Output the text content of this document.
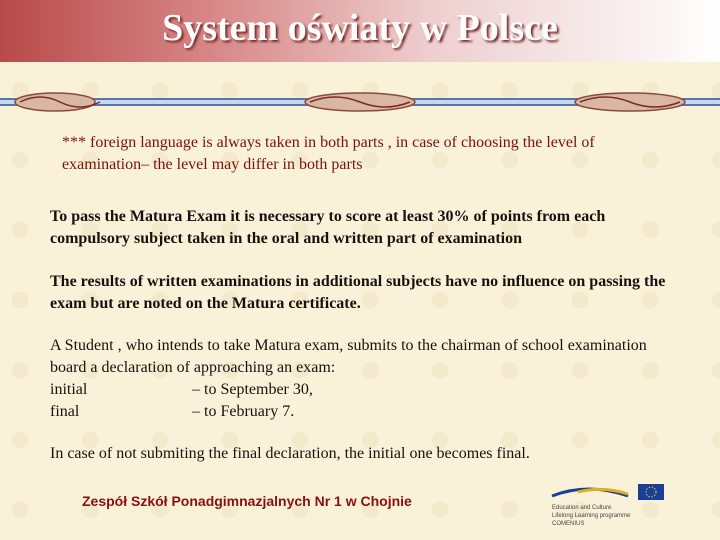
System oświaty w Polsce
*** foreign language is always taken in both parts , in case of choosing the level of examination– the level may differ in both parts
To pass the Matura Exam it is necessary to score at least 30% of points from each compulsory subject taken in the oral and written part of examination
The results of written examinations in additional subjects have no influence on passing the exam but are noted on the Matura certificate.
A Student , who intends to take Matura exam, submits to the chairman of school examination board a declaration of approaching an exam:
initial	– to September 30,
final	– to February 7.
In case of not submiting the final declaration, the initial one becomes final.
Zespół Szkół Ponadgimnazjalnych Nr 1 w Chojnie	Education and Culture
Lifelong Learning programme
COMENIUS
